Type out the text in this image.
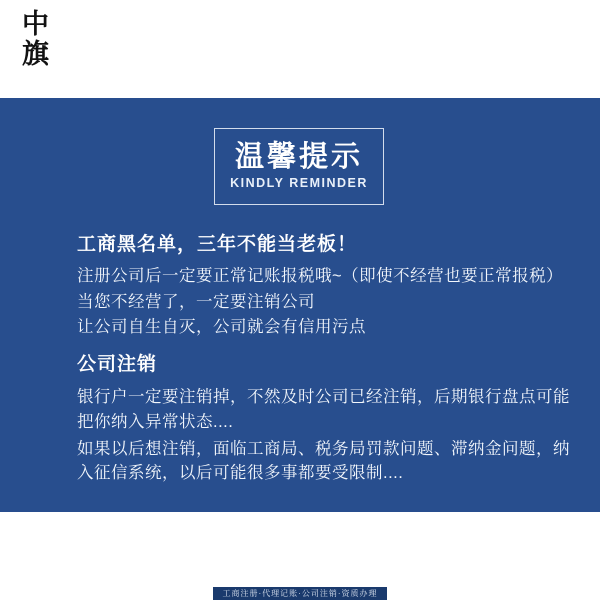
中旗
温馨提示
KINDLY REMINDER
工商黑名单，三年不能当老板！
注册公司后一定要正常记账报税哦~（即使不经营也要正常报税）
当您不经营了，一定要注销公司
让公司自生自灭，公司就会有信用污点
公司注销
银行户一定要注销掉，不然及时公司已经注销，后期银行盘点可能
把你纳入异常状态....
如果以后想注销，面临工商局、税务局罚款问题、滞纳金问题，纳
入征信系统，以后可能很多事都要受限制....
工商注册·代理记账·公司注销·资质办理
